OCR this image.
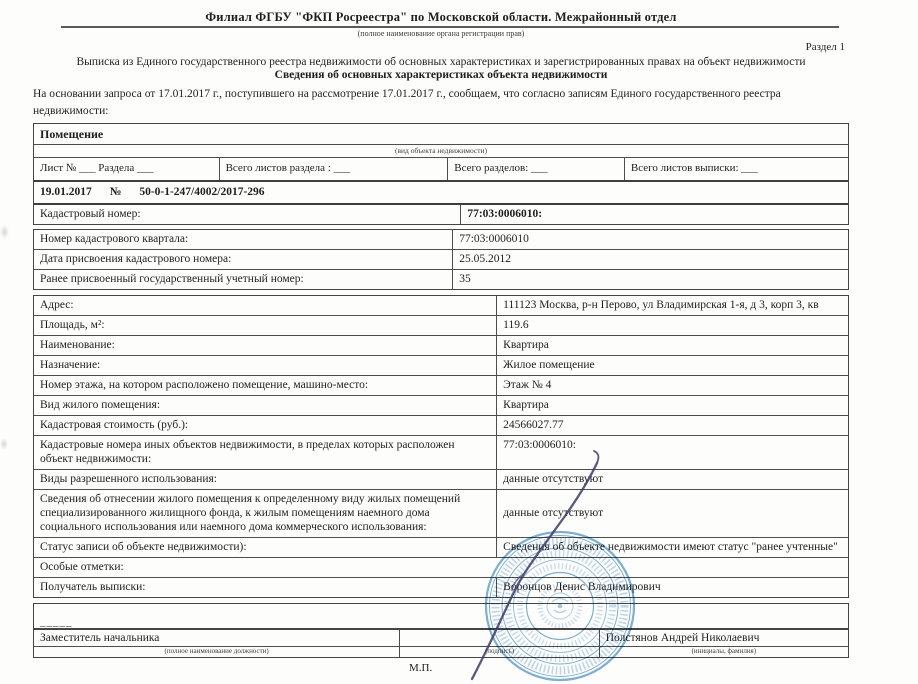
Филиал ФГБУ "ФКП Росреестра" по Московской области. Межрайонный отдел
(полное наименование органа регистрации прав)
Раздел 1
Выписка из Единого государственного реестра недвижимости об основных характеристиках и зарегистрированных правах на объект недвижимости
Сведения об основных характеристиках объекта недвижимости
На основании запроса от 17.01.2017 г., поступившего на рассмотрение 17.01.2017 г., сообщаем, что согласно записям Единого государственного реестра недвижимости:
Помещение
(вид объекта недвижимости)
Лист № ___ Раздела ___	Всего листов раздела : ___	Всего разделов: ___	Всего листов выписки: ___
19.01.2017 № 50-0-1-247/4002/2017-296
Кадастровый номер:	77:03:0006010:
Номер кадастрового квартала:	77:03:0006010
Дата присвоения кадастрового номера:	25.05.2012
Ранее присвоенный государственный учетный номер:	35
Адрес:	111123 Москва, р-н Перово, ул Владимирская 1-я, д 3, корп 3, кв
Площадь, м²:	119.6
Наименование:	Квартира
Назначение:	Жилое помещение
Номер этажа, на котором расположено помещение, машино-место:	Этаж № 4
Вид жилого помещения:	Квартира
Кадастровая стоимость (руб.):	24566027.77
Кадастровые номера иных объектов недвижимости, в пределах которых расположен объект недвижимости:
77:03:0006010:
Виды разрешенного использования:	данные отсутствуют
Сведения об отнесении жилого помещения к определенному виду жилых помещений специализированного жилищного фонда, к жилым помещениям наемного дома социального использования или наемного дома коммерческого использования:
данные отсутствуют
Статус записи об объекте недвижимости):	Сведения об объекте недвижимости имеют статус "ранее учтенные"
Особые отметки:
Получатель выписки:	Воронцов Денис Владимирович
_____
Заместитель начальника	Полстянов Андрей Николаевич
(полное наименование должности)	(подпись)	(инициалы, фамилия)
М.П.
